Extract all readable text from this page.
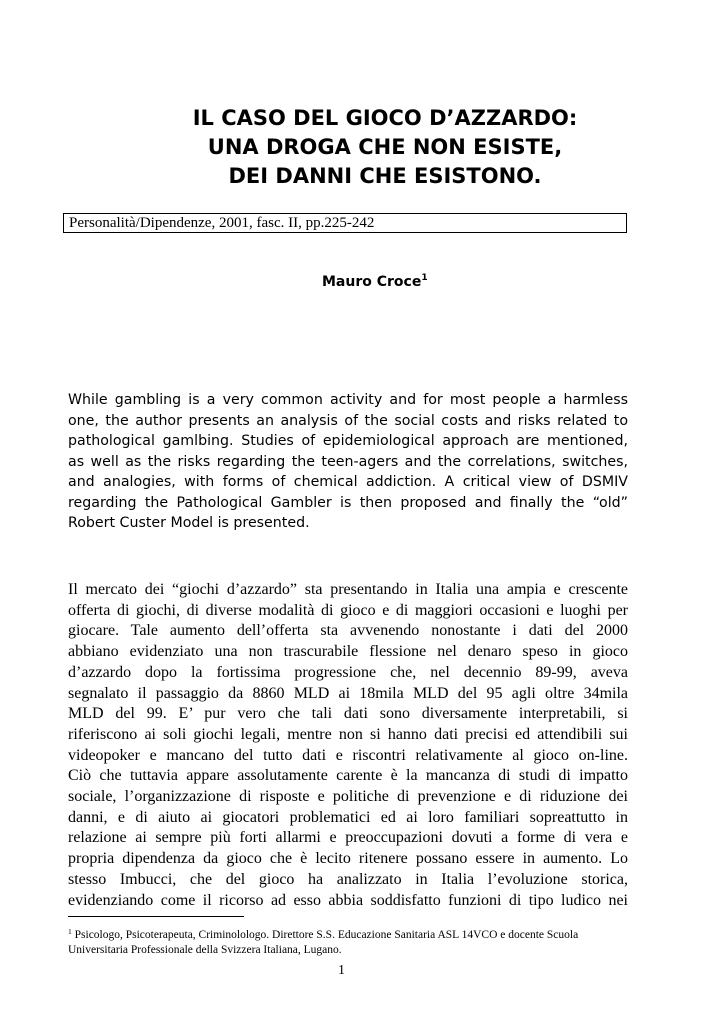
IL CASO DEL GIOCO D’AZZARDO:
UNA DROGA CHE NON ESISTE,
DEI DANNI CHE ESISTONO.
Personalità/Dipendenze, 2001, fasc. II, pp.225-242
Mauro Croce$^1$
While gambling is a very common activity and for most people a harmless
one, the author presents an analysis of the social costs and risks related to
pathological gamlbing. Studies of epidemiological approach are mentioned,
as well as the risks regarding the teen-agers and the correlations, switches,
and analogies, with forms of chemical addiction. A critical view of DSMIV
regarding the Pathological Gambler is then proposed and finally the “old”
Robert Custer Model is presented.
Il mercato dei “giochi d’azzardo” sta presentando in Italia una ampia e crescente
offerta di giochi, di diverse modalità di gioco e di maggiori occasioni e luoghi per
giocare. Tale aumento dell’offerta sta avvenendo nonostante i dati del 2000
abbiano evidenziato una non trascurabile flessione nel denaro speso in gioco
d’azzardo dopo la fortissima progressione che, nel decennio 89-99, aveva
segnalato il passaggio da 8860 MLD ai 18mila MLD del 95 agli oltre 34mila
MLD del 99. E’ pur vero che tali dati sono diversamente interpretabili, si
riferiscono ai soli giochi legali, mentre non si hanno dati precisi ed attendibili sui
videopoker e mancano del tutto dati e riscontri relativamente al gioco on-line.
Ciò che tuttavia appare assolutamente carente è la mancanza di studi di impatto
sociale, l’organizzazione di risposte e politiche di prevenzione e di riduzione dei
danni, e di aiuto ai giocatori problematici ed ai loro familiari sopreattutto in
relazione ai sempre più forti allarmi e preoccupazioni dovuti a forme di vera e
propria dipendenza da gioco che è lecito ritenere possano essere in aumento. Lo
stesso Imbucci, che del gioco ha analizzato in Italia l’evoluzione storica,
evidenziando come il ricorso ad esso abbia soddisfatto funzioni di tipo ludico nei
$^1$ Psicologo, Psicoterapeuta, Criminolologo. Direttore S.S. Educazione Sanitaria ASL 14VCO e docente Scuola
Universitaria Professionale della Svizzera Italiana, Lugano.
1
